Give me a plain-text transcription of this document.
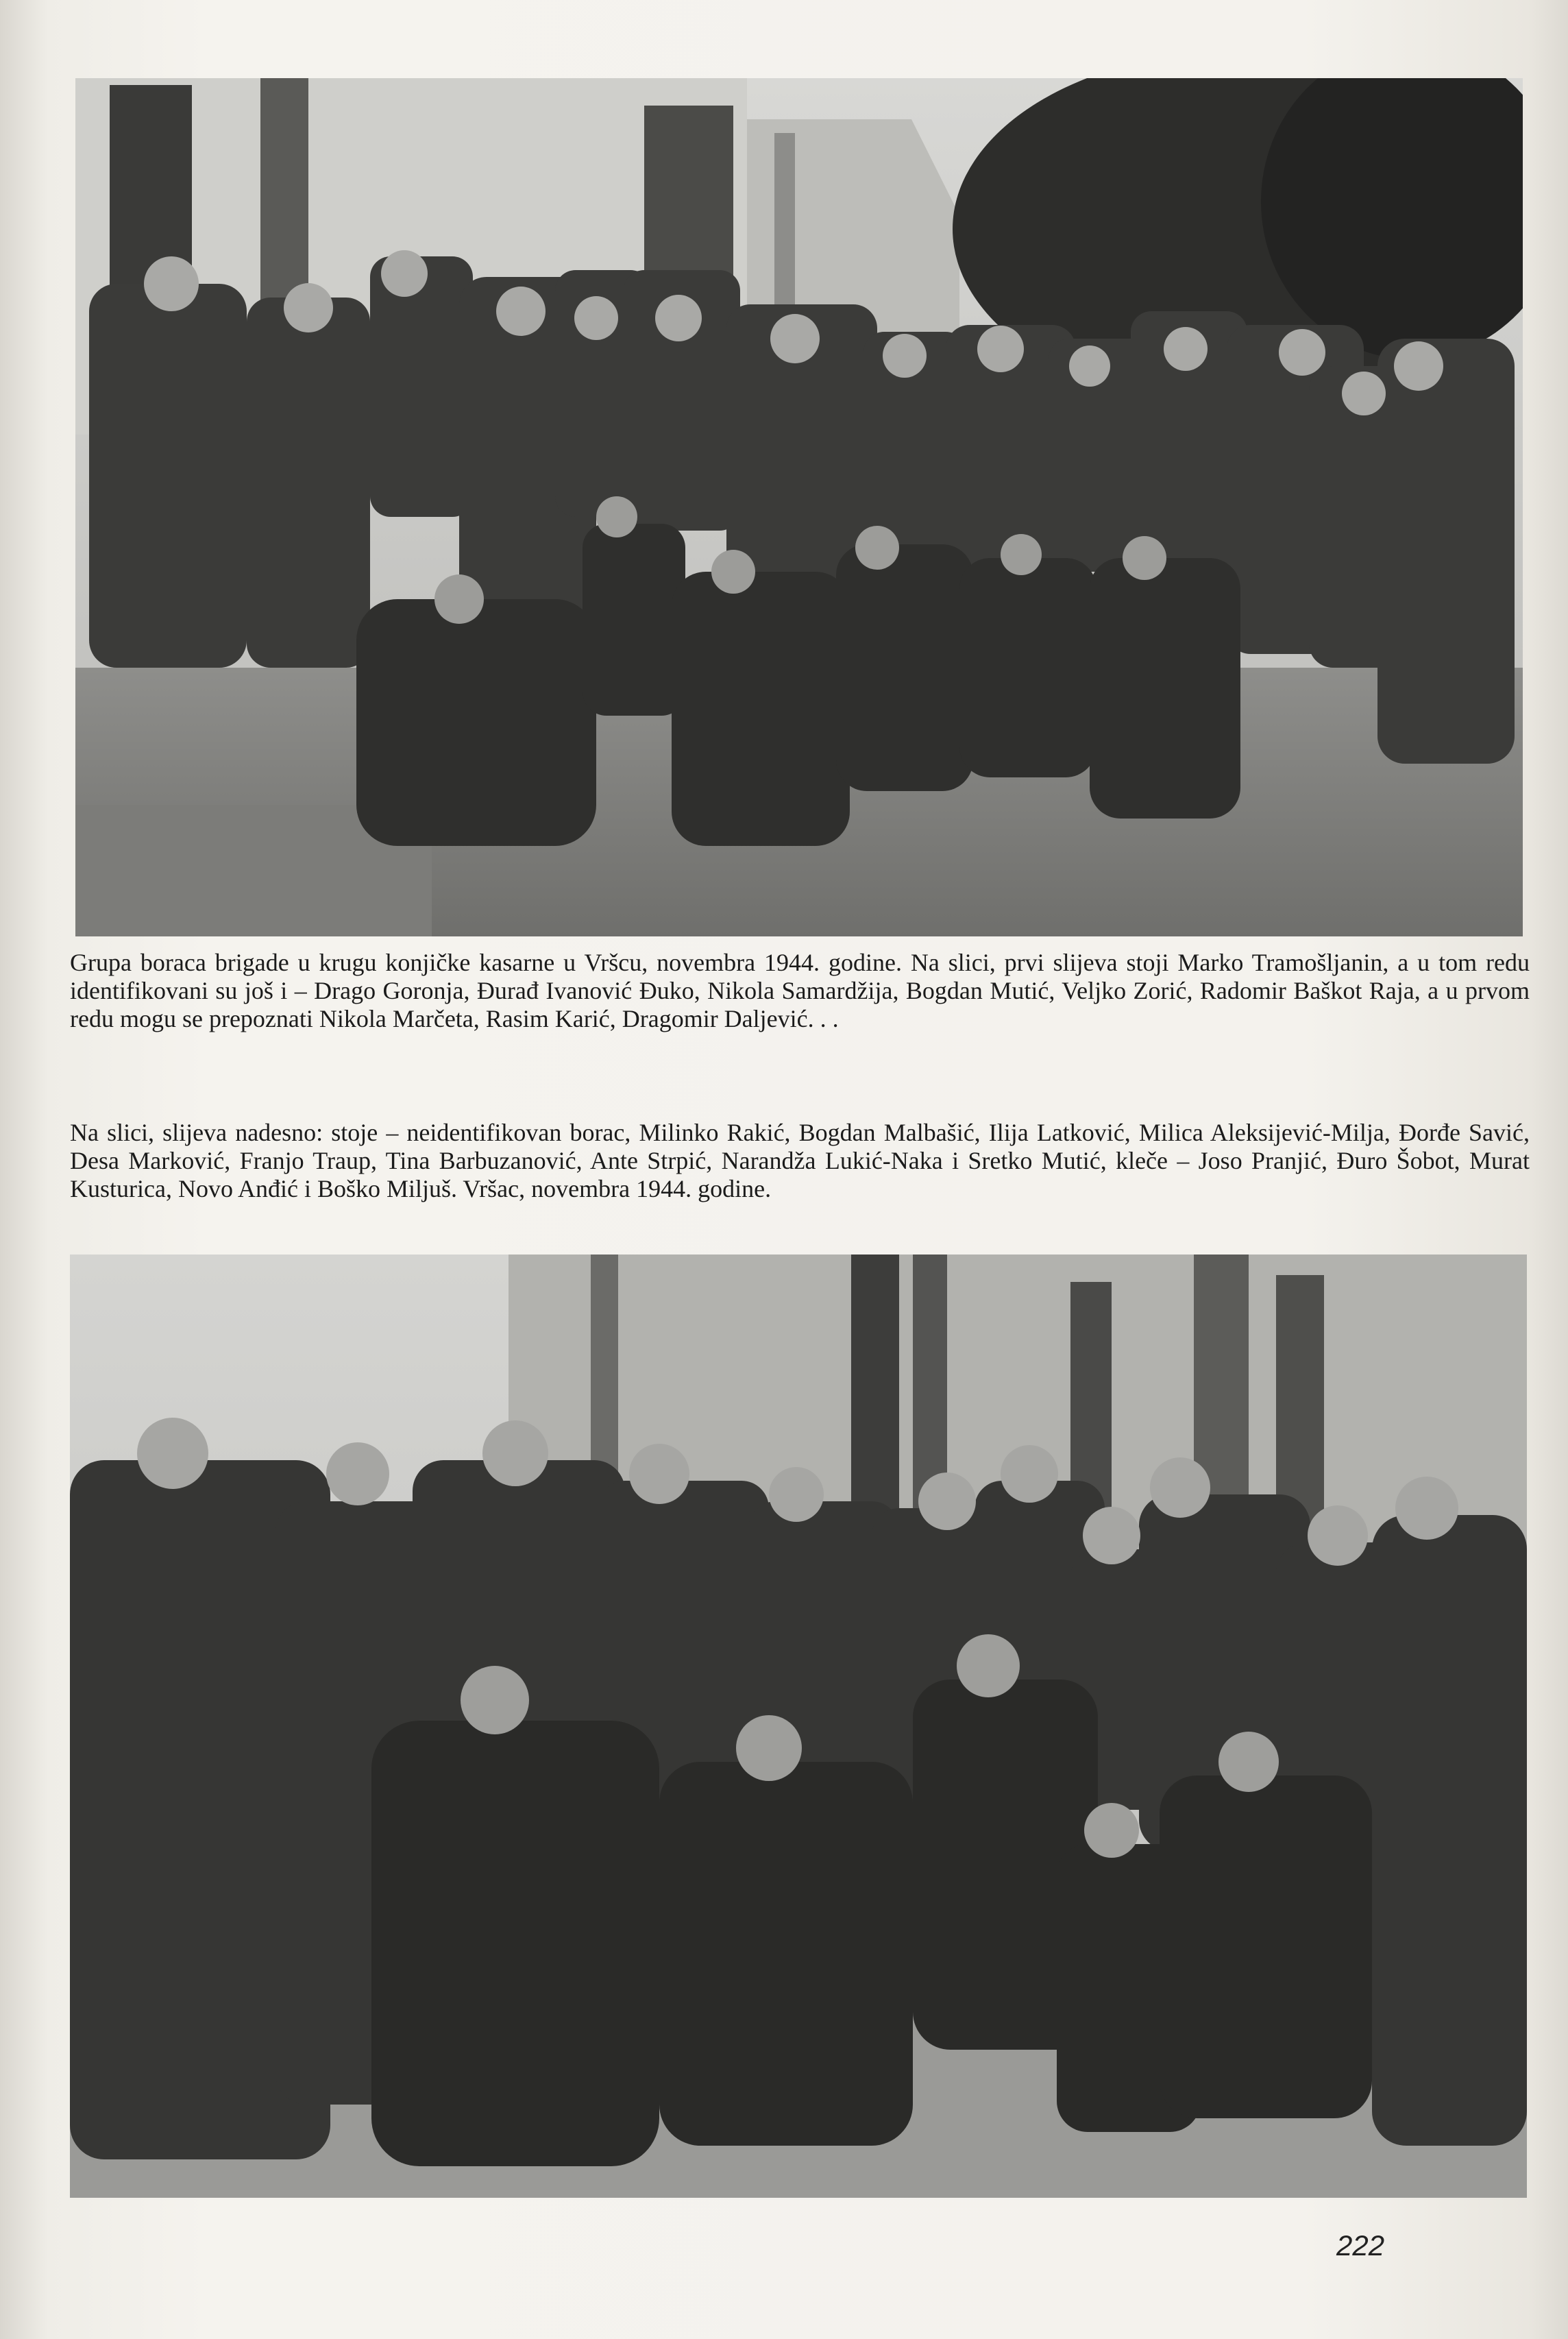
Grupa boraca brigade u krugu konjičke kasarne u Vršcu, novembra 1944. godine. Na slici, prvi slijeva stoji Marko Tramošljanin, a u tom redu identifikovani su još i – Drago Goronja, Đurađ Ivanović Đuko, Nikola Samardžija, Bogdan Mutić, Veljko Zorić, Radomir Baškot Raja, a u prvom redu mogu se prepoznati Nikola Marčeta, Rasim Karić, Dragomir Daljević. . .

Na slici, slijeva nadesno: stoje – neidentifikovan borac, Milinko Rakić, Bogdan Malbašić, Ilija Latković, Milica Aleksijević-Milja, Đorđe Savić, Desa Marković, Franjo Traup, Tina Barbuzanović, Ante Strpić, Narandža Lukić-Naka i Sretko Mutić, kleče – Joso Pranjić, Đuro Šobot, Murat Kusturica, Novo Anđić i Boško Miljuš. Vršac, novembra 1944. godine.

222
